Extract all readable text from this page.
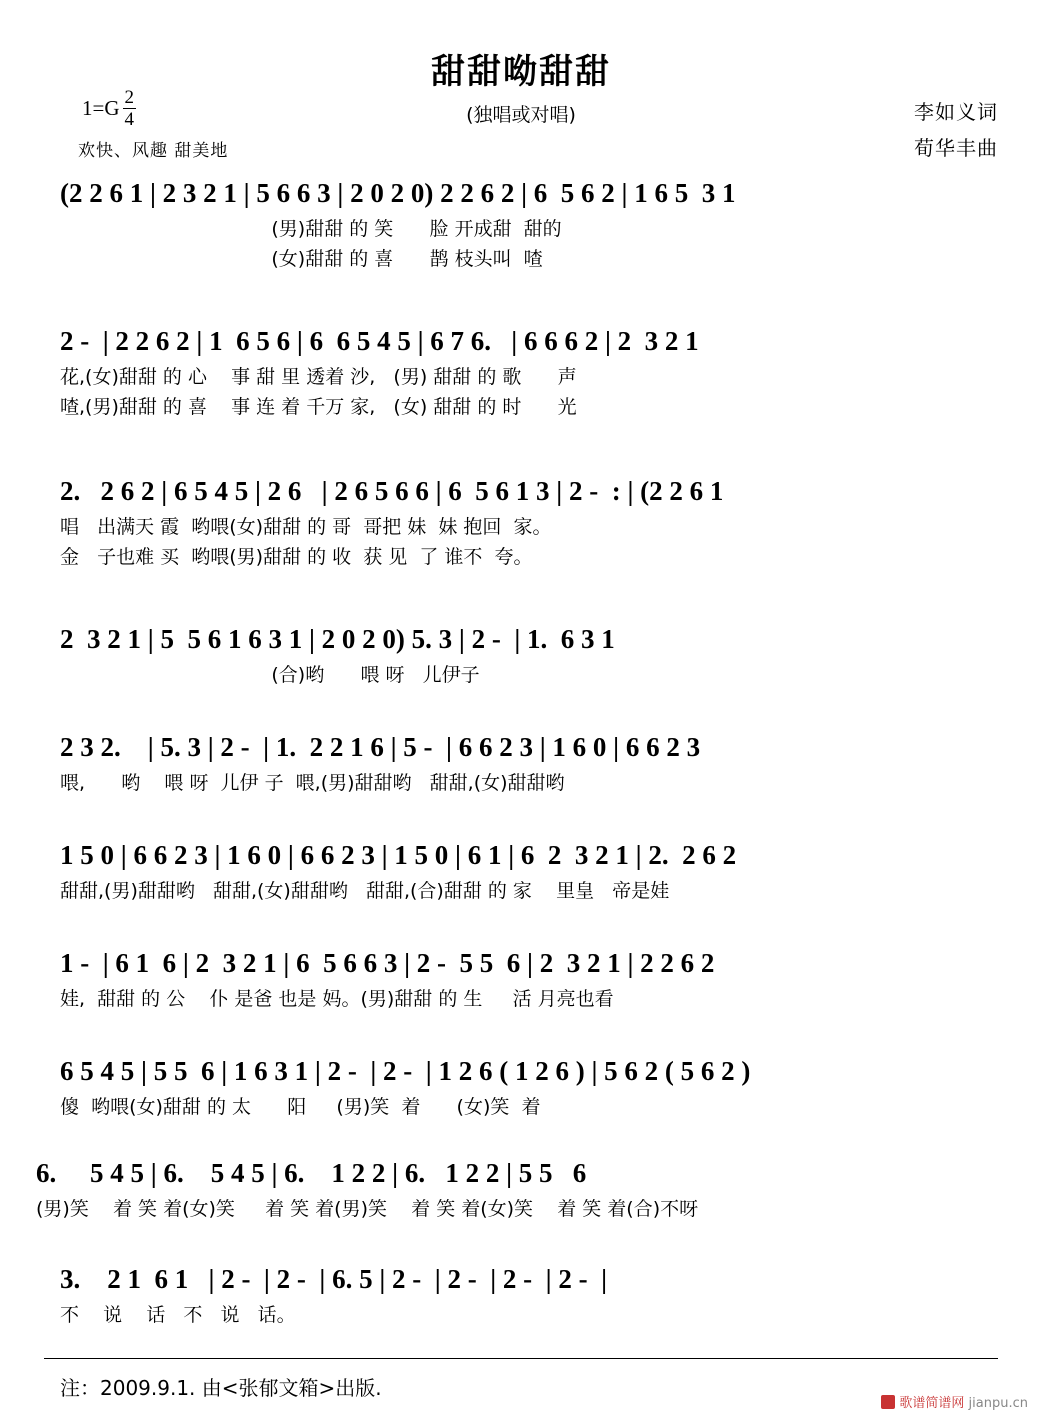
$1=G \frac{2}{4}$
甜甜呦甜甜
(独唱或对唱)
欢快、风趣 甜美地
李如义词
荀华丰曲
(2 2 6 1 | 2 3 2 1 | 5 6 6 3 | 2 0 2 0) 2 2 6 2 | 6  5 6 2 | 1 6 5  3 1
(男)甜甜 的 笑      脸 开成甜  甜的
(女)甜甜 的 喜      鹊 枝头叫  喳
2 -  | 2 2 6 2 | 1  6 5 6 | 6  6 5 4 5 | 6 7 6.   | 6 6 6 2 | 2  3 2 1
花,(女)甜甜 的 心    事 甜 里 透着 沙,   (男) 甜甜 的 歌      声
喳,(男)甜甜 的 喜    事 连 着 千万 家,   (女) 甜甜 的 时      光
2.   2 6 2 | 6 5 4 5 | 2 6   | 2 6 5 6 6 | 6  5 6 1 3 | 2 -  : | (2 2 6 1
唱   出满天 霞  哟喂(女)甜甜 的 哥  哥把 妹  妹 抱回  家。
金   子也难 买  哟喂(男)甜甜 的 收  获 见  了 谁不  夸。
2  3 2 1 | 5  5 6 1 6 3 1 | 2 0 2 0) 5. 3 | 2 -  | 1.  6 3 1
(合)哟      喂 呀   儿伊子
2 3 2.    | 5. 3 | 2 -  | 1.  2 2 1 6 | 5 -  | 6 6 2 3 | 1 6 0 | 6 6 2 3
喂,      哟    喂 呀  儿伊 子  喂,(男)甜甜哟   甜甜,(女)甜甜哟
1 5 0 | 6 6 2 3 | 1 6 0 | 6 6 2 3 | 1 5 0 | 6 1 | 6  2  3 2 1 | 2.  2 6 2
甜甜,(男)甜甜哟   甜甜,(女)甜甜哟   甜甜,(合)甜甜 的 家    里皇   帝是娃
1 -  | 6 1  6 | 2  3 2 1 | 6  5 6 6 3 | 2 -  5 5  6 | 2  3 2 1 | 2 2 6 2
娃,  甜甜 的 公    仆 是爸 也是 妈。(男)甜甜 的 生     活 月亮也看
6 5 4 5 | 5 5  6 | 1 6 3 1 | 2 -  | 2 -  | 1 2 6 ( 1 2 6 ) | 5 6 2 ( 5 6 2 )
傻  哟喂(女)甜甜 的 太      阳     (男)笑  着      (女)笑  着
6.     5 4 5 | 6.    5 4 5 | 6.    1 2 2 | 6.   1 2 2 | 5 5   6
(男)笑    着 笑 着(女)笑     着 笑 着(男)笑    着 笑 着(女)笑    着 笑 着(合)不呀
3.    2 1  6 1   | 2 -  | 2 -  | 6. 5 | 2 -  | 2 -  | 2 -  | 2 -  |
不    说    话   不   说   话。
注：2009.9.1. 由<张郁文箱>出版.
歌谱简谱网 jianpu.cn
